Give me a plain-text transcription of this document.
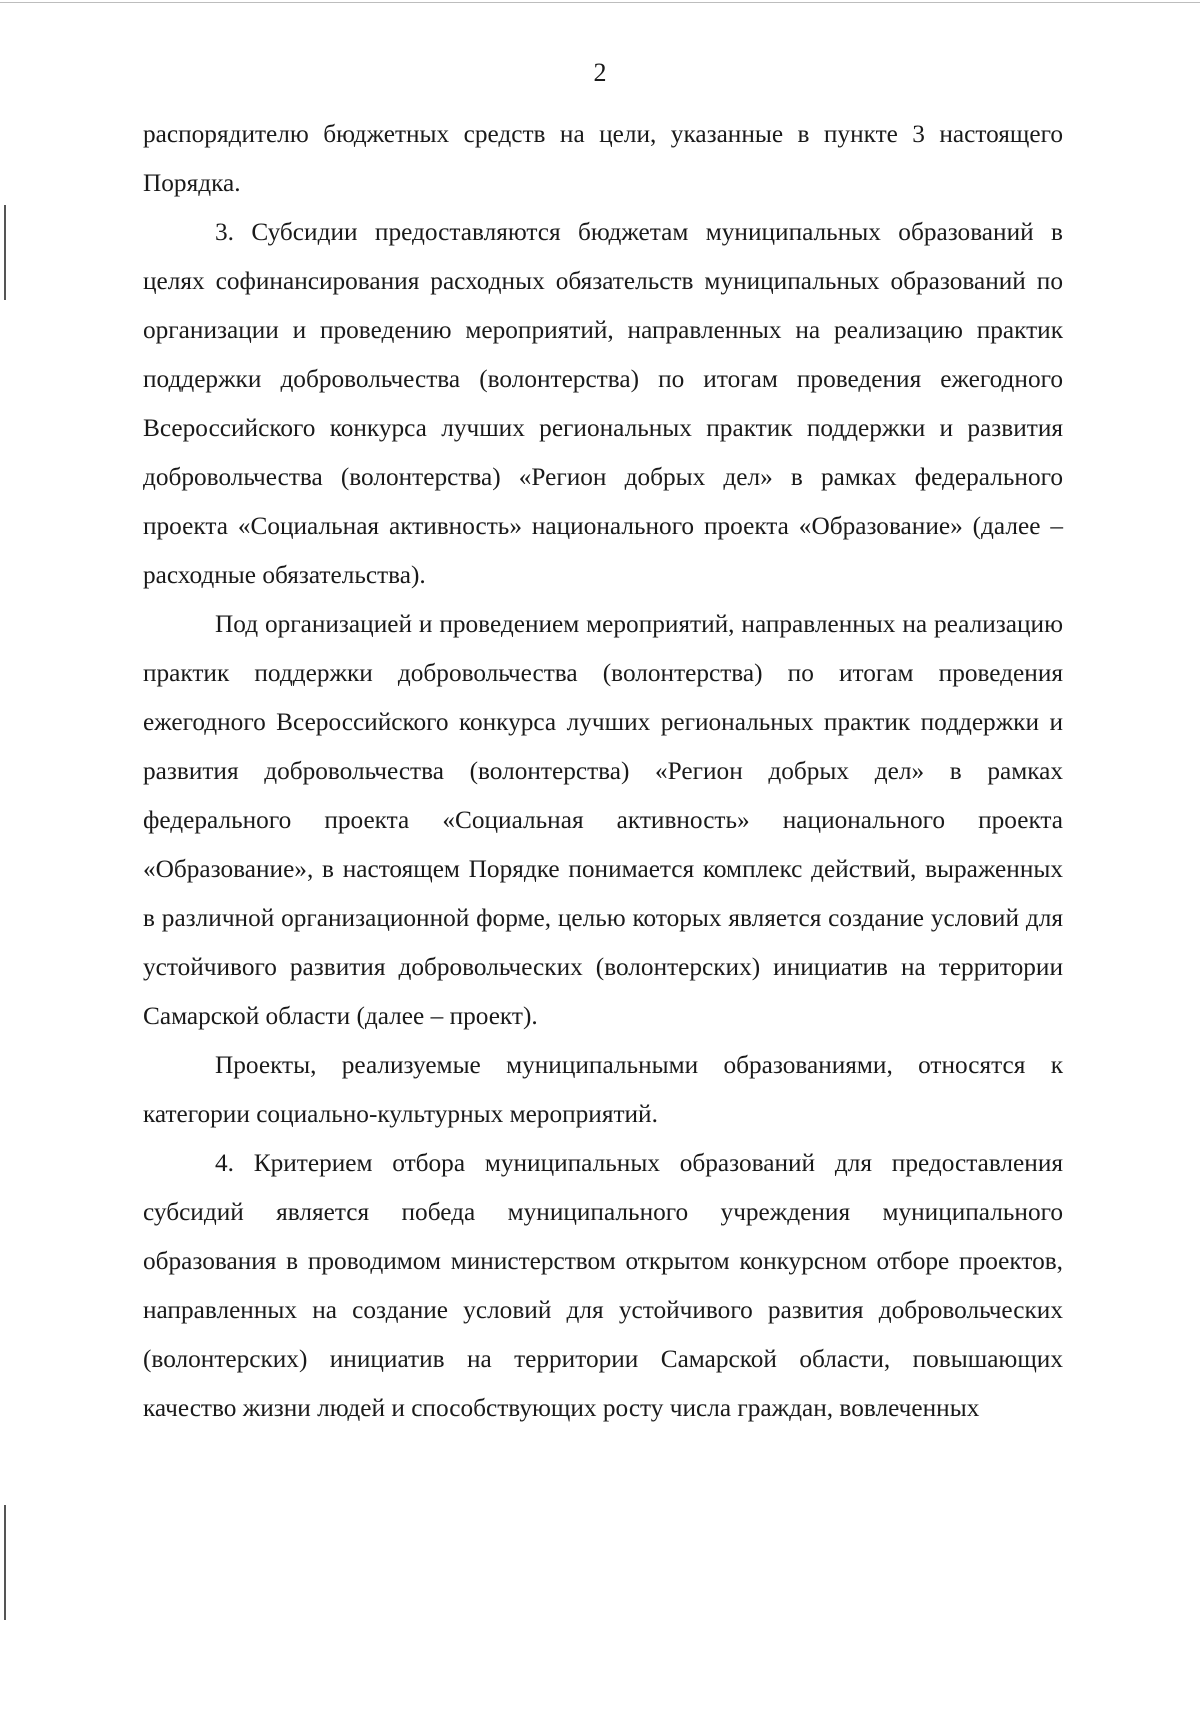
2

распорядителю бюджетных средств на цели, указанные в пункте 3 настоящего Порядка.

3. Субсидии предоставляются бюджетам муниципальных образований в целях софинансирования расходных обязательств муниципальных образований по организации и проведению мероприятий, направленных на реализацию практик поддержки добровольчества (волонтерства) по итогам проведения ежегодного Всероссийского конкурса лучших региональных практик поддержки и развития добровольчества (волонтерства) «Регион добрых дел» в рамках федерального проекта «Социальная активность» национального проекта «Образование» (далее – расходные обязательства).

Под организацией и проведением мероприятий, направленных на реализацию практик поддержки добровольчества (волонтерства) по итогам проведения ежегодного Всероссийского конкурса лучших региональных практик поддержки и развития добровольчества (волонтерства) «Регион добрых дел» в рамках федерального проекта «Социальная активность» национального проекта «Образование», в настоящем Порядке понимается комплекс действий, выраженных в различной организационной форме, целью которых является создание условий для устойчивого развития добровольческих (волонтерских) инициатив на территории Самарской области (далее – проект).

Проекты, реализуемые муниципальными образованиями, относятся к категории социально-культурных мероприятий.

4. Критерием отбора муниципальных образований для предоставления субсидий является победа муниципального учреждения муниципального образования в проводимом министерством открытом конкурсном отборе проектов, направленных на создание условий для устойчивого развития добровольческих (волонтерских) инициатив на территории Самарской области, повышающих качество жизни людей и способствующих росту числа граждан, вовлеченных
